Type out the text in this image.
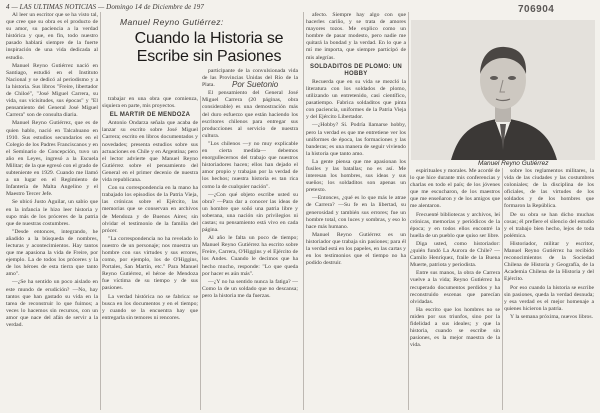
4 — LAS ULTIMAS NOTICIAS — Domingo 14 de Diciembre de 197	706904
Manuel Reyno Gutiérrez:
Cuando la Historia se Escribe sin Pasiones
Por Suetonio
Manuel Reyno Gutiérrez

Al leer un escritor que se ha visto tal, que cree que su obra es el producto de su amor, su paciencia a la verdad histórica y que, en fin, todo nuestro pasado hablará siempre de la fuerte inspiración de una vida dedicada al estudio.

Manuel Reyno Gutiérrez nació en Santiago, estudió en el Instituto Nacional y se dedicó al periodismo y a la historia. Sus libros "Freire, libertador de Chiloé", "José Miguel Carrera, su vida, sus vicisitudes, sus épocas" y "El pensamiento del General José Miguel Carrera" son de consulta diaria.

Manuel Reyno Gutiérrez, que es de quien hablo, nació en Talcahuano en 1910. Sus estudios secundarios en el Colegio de los Padres Franciscanos y en el Seminario de Concepción, tuvo un año en Leyes, ingresó a la Escuela Militar; de la que egresó con el grado de subteniente en 1929. Cuando me llamó a un lugar en el Regimiento de Infantería de Malta Angelino y el Maestro Tercer Jefe.

Se ubicó Justo Aguilar, un sabio que en la infancia le hizo leer historia y supo más de los próceres de la patria que de nuestras costumbres.

"Desde entonces, integrando, he añadido a la búsqueda de nombres, lecturas y acontecimientos. Hay tantos que me apasiona la vida de Freire, por ejemplo. La de todos los próceres y la de los héroes de esta tierra que tanto amo".

—¿Se ha sentido un poco aislado en este mundo de erudición? —No, hay tantos que han gastado su vida en la tarea de reconstruir lo que fuimos; a veces lo hacemos sin recursos, con un amor que nace del afán de servir a la verdad.

trabajar en una obra que comienza, siquiera en parte, mis proyectos.

EL MARTIR DE MENDOZA

Antonio Ondarza señala que acaba de lanzar su escrito sobre José Miguel Carrera; escrito en libros documentados y novedades; presenta estudios sobre sus actuaciones en Chile y en Argentina; pero el lector advierte que Manuel Reyno Gutiérrez sobre el pensamiento del General en el primer decenio de nuestra vida republicana.

Con su correspondencia en la mano ha trabajado los episodios de la Patria Vieja, las crónicas sobre el Ejército, las memorias que se conservan en archivos de Mendoza y de Buenos Aires; sin olvidar el testimonio de la familia del prócer.

"La correspondencia no ha revelado lo nuestro de un personaje; nos muestra un hombre con sus virtudes y sus errores, como, por ejemplo, los de O'Higgins, Portales, San Martín, etc." Para Manuel Reyno Gutiérrez, el héroe de Mendoza fue víctima de su tiempo y de sus pasiones.

La verdad histórica no se fabrica: se busca en los documentos y en el tiempo; y cuando se la encuentra hay que entregarla sin temores ni rencores.

participante de la convulsionada vida de las Provincias Unidas del Río de la Plata.

El pensamiento del General José Miguel Carrera (20 páginas, obra considerable) es una demostración más del duro esfuerzo que están haciendo los escritores chilenos para entregar sus producciones al servicio de nuestra cultura.

"Los chilenos —y no muy explicable en cierta medida— debemos enorgullecernos del trabajo que nuestros historiadores hacen; ellos han dejado el amor propio y trabajan por la verdad de los hechos; nuestra historia es tan rica como la de cualquier nación".

—¿Con qué objeto escribe usted su obra? —Para dar a conocer las ideas de un hombre que soñó una patria libre y soberana, una nación sin privilegios ni castas; su pensamiento está vivo en cada página.

Al año le falta un poco de tiempo; Manuel Reyno Gutiérrez ha escrito sobre Freire, Carrera, O'Higgins y el Ejército de los Andes. Cuando le decimos que ha hecho mucho, responde: "Lo que queda por hacer es aún más".

—¿Y no ha sentido nunca la fatiga? —Como la de un soldado que no descansa; pero la historia me da fuerzas.

afecto. Siempre hay algo con que hacerles cariño, y se trata de amores mayores tozos. Me explico como un hombre de pasar modesto, pero nadie me quitará la bondad y la verdad. En lo que a mí me importa, que siempre participó de mis alegrías.

SOLDADITOS DE PLOMO: UN HOBBY

Recuerda que en su vida se mezcló la literatura con los soldados de plomo, utilizando un entretenido, casi científico, pasatiempo. Fabrica soldaditos que pinta con paciencia, uniformes de la Patria Vieja y del Ejército Libertador.

—¿Hobby? Sí. Podría llamarse hobby, pero la verdad es que me entretiene ver los uniformes de época, las formaciones y las banderas; es una manera de seguir viviendo la historia que tanto amo.

La gente piensa que me apasionan los fusiles y las batallas; no es así. Me interesan los hombres, sus ideas y sus sueños; los soldaditos son apenas un pretexto.

—Entonces, ¿qué es lo que más le atrae de Carrera? —Su fe en la libertad, su generosidad y también sus errores; fue un hombre total, con luces y sombras, y eso lo hace más humano.

Manuel Reyno Gutiérrez es un historiador que trabaja sin pasiones; para él la verdad está en los papeles, en las cartas y en los testimonios que el tiempo no ha podido destruir.

espirituales y morales. Me acordé de lo que hice durante mis conferencias y charlas en todo el país; de los jóvenes que me escucharon, de los maestros que me enseñaron y de los amigos que me alentaron.

Frecuenté bibliotecas y archivos, leí crónicas, memorias y periódicos de la época; y en todos ellos encontré la huella de un pueblo que quiso ser libre.

Diga usted, como historiador: ¿quién fundó La Aurora de Chile? —Camilo Henríquez, fraile de la Buena Muerte, patriota y periodista.

Entre sus manos, la obra de Carrera vuelve a la vida; Reyno Gutiérrez ha recuperado documentos perdidos y ha reconstruido escenas que parecían olvidadas.

Ha escrito que los hombres no se miden por sus triunfos, sino por la fidelidad a sus ideales; y que la historia, cuando se escribe sin pasiones, es la mejor maestra de la vida.

sobre los reglamentos militares, la vida de las ciudades y las costumbres coloniales; de la disciplina de los oficiales, de las virtudes de los soldados y de los hombres que formaron la República.

De su obra se han dicho muchas cosas; él prefiere el silencio del estudio y el trabajo bien hecho, lejos de toda polémica.

Historiador, militar y escritor, Manuel Reyno Gutiérrez ha recibido reconocimientos de la Sociedad Chilena de Historia y Geografía, de la Academia Chilena de la Historia y del Ejército.

Por eso cuando la historia se escribe sin pasiones, queda la verdad desnuda; y esa verdad es el mejor homenaje a quienes hicieron la patria.

Y la semana próxima, nuevos libros.
